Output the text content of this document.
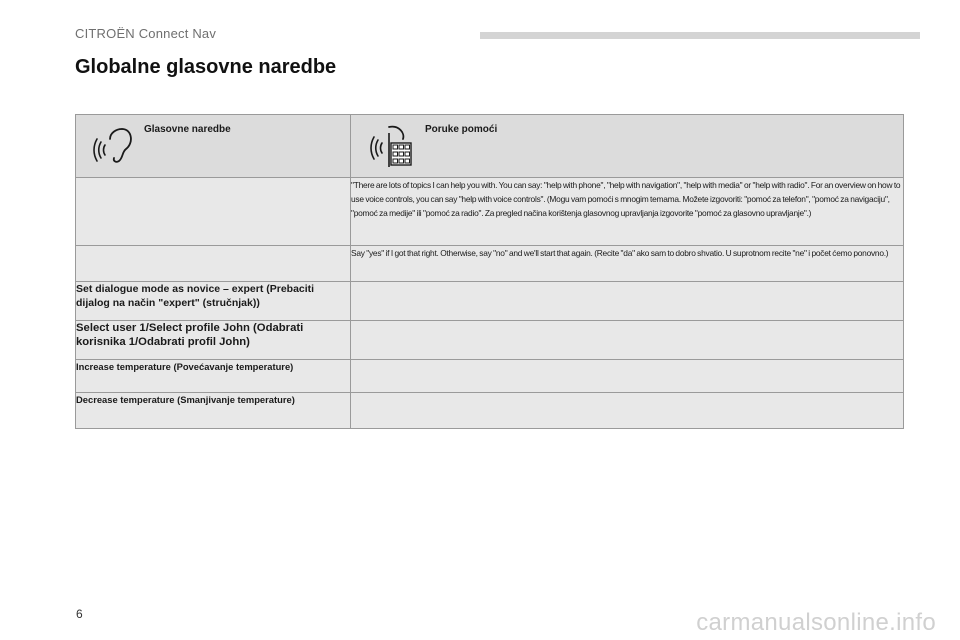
CITROËN Connect Nav
Globalne glasovne naredbe
Glasovne naredbe	Poruke pomoći

	"There are lots of topics I can help you with. You can say: "help with phone", "help with navigation", "help with media" or "help with radio". For an overview on how to use voice controls, you can say "help with voice controls". (Mogu vam pomoći s mnogim temama. Možete izgovoriti: "pomoć za telefon", "pomoć za navigaciju", "pomoć za medije" ili "pomoć za radio". Za pregled načina korištenja glasovnog upravljanja izgovorite "pomoć za glasovno upravljanje".)
	Say "yes" if I got that right. Otherwise, say "no" and we'll start that again. (Recite "da" ako sam to dobro shvatio. U suprotnom recite "ne" i počet ćemo ponovno.)
Set dialogue mode as novice – expert (Prebaciti dijalog na način "expert" (stručnjak))	
Select user 1/Select profile John (Odabrati korisnika 1/Odabrati profil John)	
Increase temperature (Povećavanje temperature)	
Decrease temperature (Smanjivanje temperature)	
6	carmanualsonline.info
